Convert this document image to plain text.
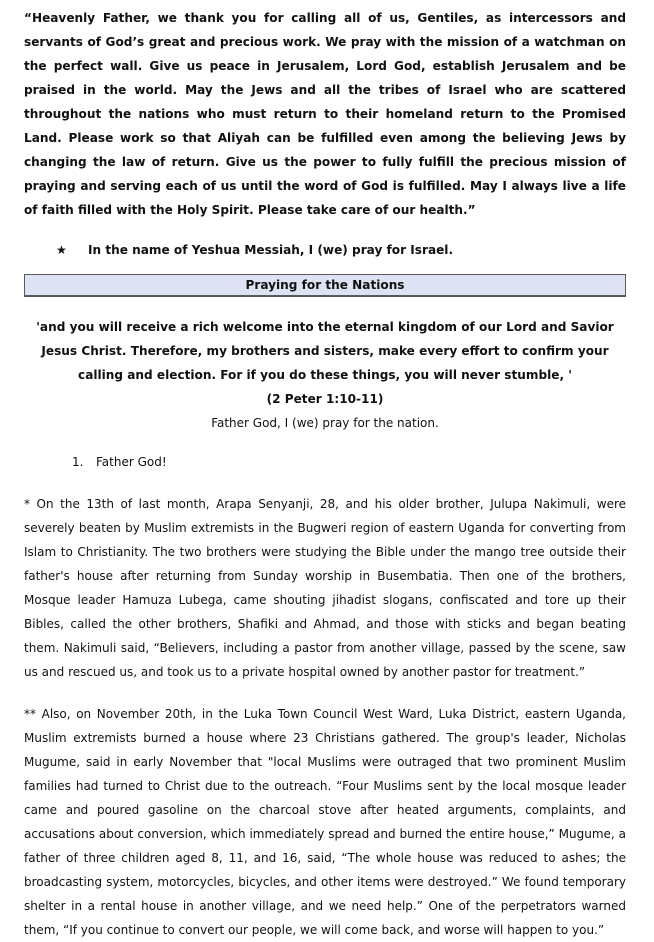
“Heavenly Father, we thank you for calling all of us, Gentiles, as intercessors and servants of God’s great and precious work. We pray with the mission of a watchman on the perfect wall. Give us peace in Jerusalem, Lord God, establish Jerusalem and be praised in the world. May the Jews and all the tribes of Israel who are scattered throughout the nations who must return to their homeland return to the Promised Land. Please work so that Aliyah can be fulfilled even among the believing Jews by changing the law of return. Give us the power to fully fulfill the precious mission of praying and serving each of us until the word of God is fulfilled. May I always live a life of faith filled with the Holy Spirit. Please take care of our health.”

★	In the name of Yeshua Messiah, I (we) pray for Israel.
Praying for the Nations
'and you will receive a rich welcome into the eternal kingdom of our Lord and Savior Jesus Christ. Therefore, my brothers and sisters, make every effort to confirm your calling and election. For if you do these things, you will never stumble, '
(2 Peter 1:10-11)
Father God, I (we) pray for the nation.
1.	Father God!

* On the 13th of last month, Arapa Senyanji, 28, and his older brother, Julupa Nakimuli, were severely beaten by Muslim extremists in the Bugweri region of eastern Uganda for converting from Islam to Christianity. The two brothers were studying the Bible under the mango tree outside their father's house after returning from Sunday worship in Busembatia. Then one of the brothers, Mosque leader Hamuza Lubega, came shouting jihadist slogans, confiscated and tore up their Bibles, called the other brothers, Shafiki and Ahmad, and those with sticks and began beating them. Nakimuli said, “Believers, including a pastor from another village, passed by the scene, saw us and rescued us, and took us to a private hospital owned by another pastor for treatment.”

** Also, on November 20th, in the Luka Town Council West Ward, Luka District, eastern Uganda, Muslim extremists burned a house where 23 Christians gathered. The group's leader, Nicholas Mugume, said in early November that "local Muslims were outraged that two prominent Muslim families had turned to Christ due to the outreach. “Four Muslims sent by the local mosque leader came and poured gasoline on the charcoal stove after heated arguments, complaints, and accusations about conversion, which immediately spread and burned the entire house,” Mugume, a father of three children aged 8, 11, and 16, said, “The whole house was reduced to ashes; the broadcasting system, motorcycles, bicycles, and other items were destroyed.” We found temporary shelter in a rental house in another village, and we need help.” One of the perpetrators warned them, “If you continue to convert our people, we will come back, and worse will happen to you.”
